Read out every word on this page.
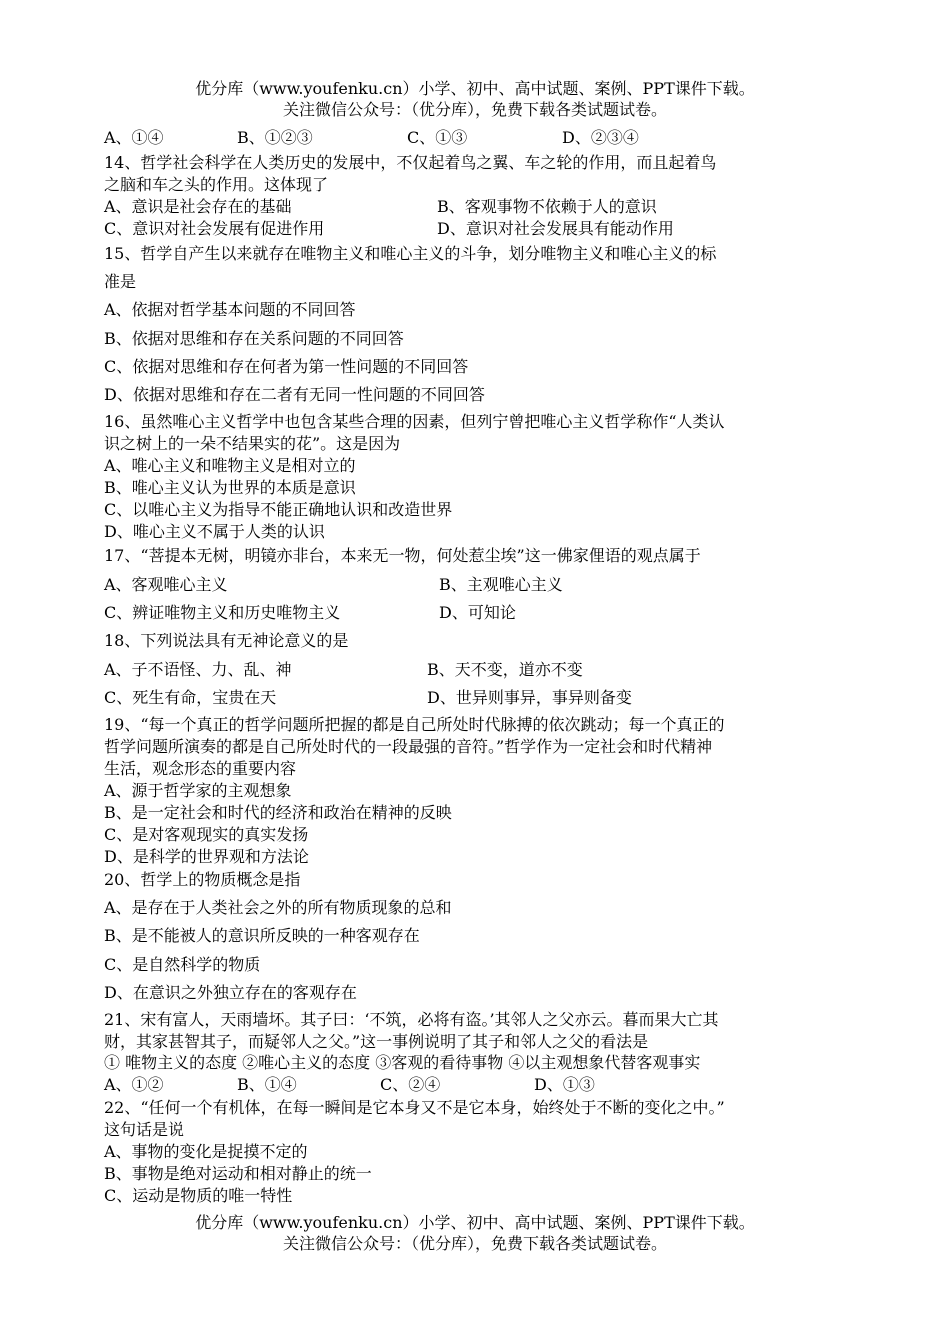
优分库（www.youfenku.cn）小学、初中、高中试题、案例、PPT课件下载。
关注微信公众号：（优分库），免费下载各类试题试卷。
A、①④	B、①②③	C、①③	D、②③④
14、哲学社会科学在人类历史的发展中，不仅起着鸟之翼、车之轮的作用，而且起着鸟
之脑和车之头的作用。这体现了
A、意识是社会存在的基础	B、客观事物不依赖于人的意识
C、意识对社会发展有促进作用	D、意识对社会发展具有能动作用
15、哲学自产生以来就存在唯物主义和唯心主义的斗争，划分唯物主义和唯心主义的标
准是
A、依据对哲学基本问题的不同回答
B、依据对思维和存在关系问题的不同回答
C、依据对思维和存在何者为第一性问题的不同回答
D、依据对思维和存在二者有无同一性问题的不同回答
16、虽然唯心主义哲学中也包含某些合理的因素，但列宁曾把唯心主义哲学称作“人类认
识之树上的一朵不结果实的花”。这是因为
A、唯心主义和唯物主义是相对立的
B、唯心主义认为世界的本质是意识
C、以唯心主义为指导不能正确地认识和改造世界
D、唯心主义不属于人类的认识
17、“菩提本无树，明镜亦非台，本来无一物，何处惹尘埃”这一佛家俚语的观点属于
A、客观唯心主义	B、主观唯心主义
C、辨证唯物主义和历史唯物主义	D、可知论
18、下列说法具有无神论意义的是
A、子不语怪、力、乱、神	B、天不变，道亦不变
C、死生有命，宝贵在天	D、世异则事异，事异则备变
19、“每一个真正的哲学问题所把握的都是自己所处时代脉搏的依次跳动；每一个真正的
哲学问题所演奏的都是自己所处时代的一段最强的音符。”哲学作为一定社会和时代精神
生活，观念形态的重要内容
A、源于哲学家的主观想象
B、是一定社会和时代的经济和政治在精神的反映
C、是对客观现实的真实发扬
D、是科学的世界观和方法论
20、哲学上的物质概念是指
A、是存在于人类社会之外的所有物质现象的总和
B、是不能被人的意识所反映的一种客观存在
C、是自然科学的物质
D、在意识之外独立存在的客观存在
21、宋有富人，天雨墙坏。其子曰：‘不筑，必将有盗。’其邻人之父亦云。暮而果大亡其
财，其家甚智其子，而疑邻人之父。”这一事例说明了其子和邻人之父的看法是
① 唯物主义的态度 ②唯心主义的态度 ③客观的看待事物 ④以主观想象代替客观事实
A、①②	B、①④	C、②④	D、①③
22、“任何一个有机体，在每一瞬间是它本身又不是它本身，始终处于不断的变化之中。”
这句话是说
A、事物的变化是捉摸不定的
B、事物是绝对运动和相对静止的统一
C、运动是物质的唯一特性
优分库（www.youfenku.cn）小学、初中、高中试题、案例、PPT课件下载。
关注微信公众号：（优分库），免费下载各类试题试卷。
